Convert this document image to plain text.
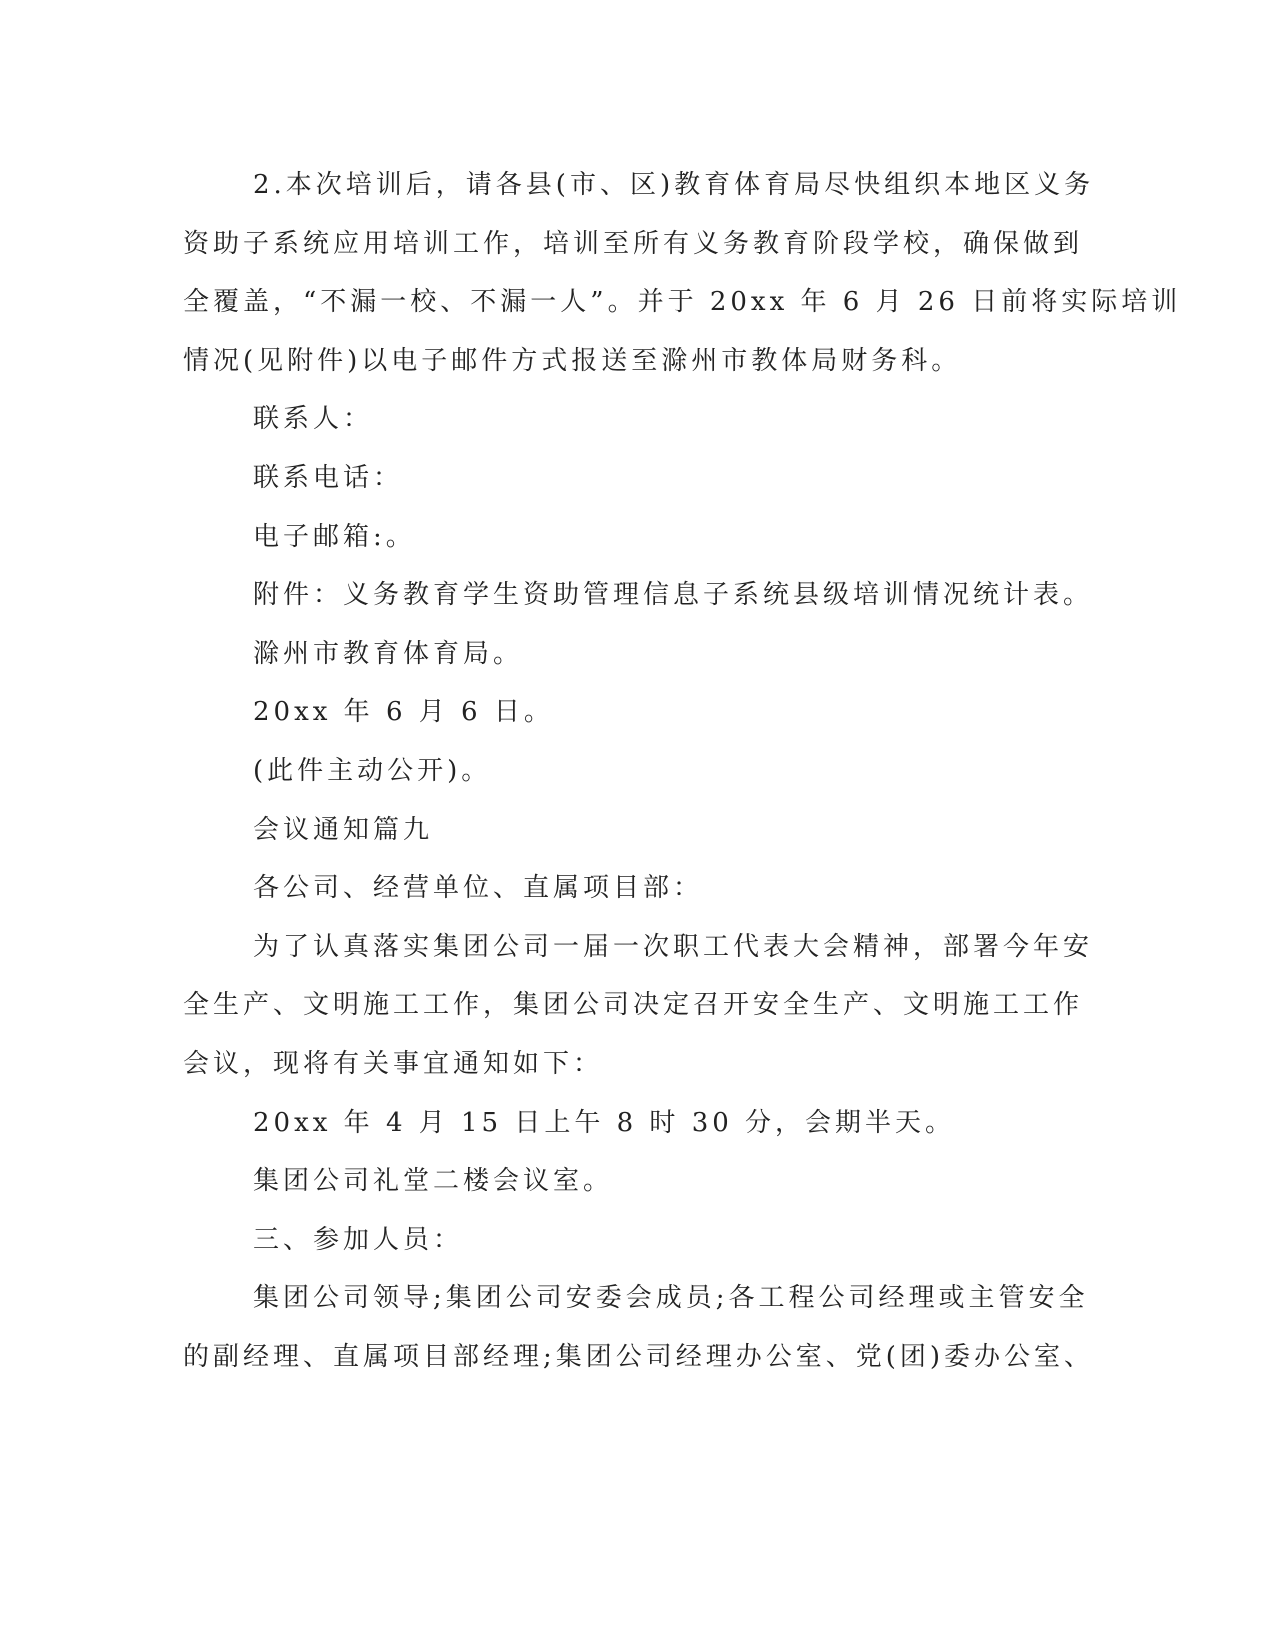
2.本次培训后，请各县(市、区)教育体育局尽快组织本地区义务

资助子系统应用培训工作，培训至所有义务教育阶段学校，确保做到

全覆盖，“不漏一校、不漏一人”。并于 20xx 年 6 月 26 日前将实际培训

情况(见附件)以电子邮件方式报送至滁州市教体局财务科。

联系人：

联系电话：

电子邮箱:。

附件：义务教育学生资助管理信息子系统县级培训情况统计表。

滁州市教育体育局。

20xx 年 6 月 6 日。

(此件主动公开)。

会议通知篇九

各公司、经营单位、直属项目部：

为了认真落实集团公司一届一次职工代表大会精神，部署今年安

全生产、文明施工工作，集团公司决定召开安全生产、文明施工工作

会议，现将有关事宜通知如下：

20xx 年 4 月 15 日上午 8 时 30 分，会期半天。

集团公司礼堂二楼会议室。

三、参加人员：

集团公司领导;集团公司安委会成员;各工程公司经理或主管安全

的副经理、直属项目部经理;集团公司经理办公室、党(团)委办公室、
